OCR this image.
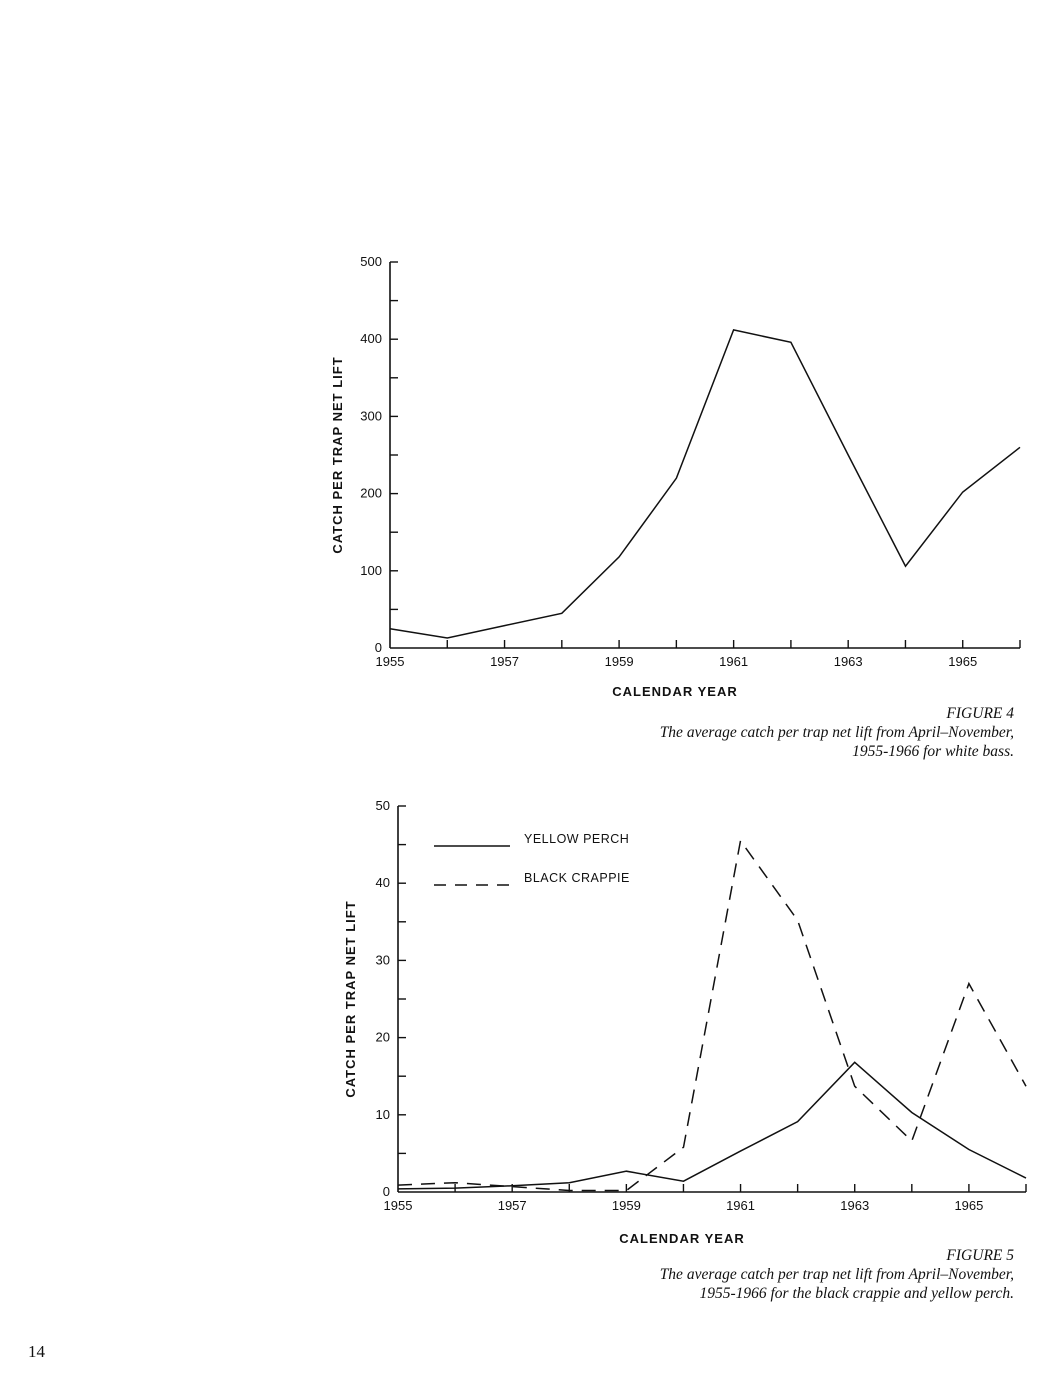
0
100
200
300
400
500
1955	1957	1959	1961	1963	1965
CALENDAR YEAR
CATCH PER TRAP NET LIFT
0
10
20
30
40
50
1955	1957	1959	1961	1963	1965
CALENDAR YEAR
CATCH PER TRAP NET LIFT
YELLOW PERCH
BLACK CRAPPIE
FIGURE 4
The average catch per trap net lift from April–November,
1955-1966 for white bass.
FIGURE 5
The average catch per trap net lift from April–November,
1955-1966 for the black crappie and yellow perch.
14
